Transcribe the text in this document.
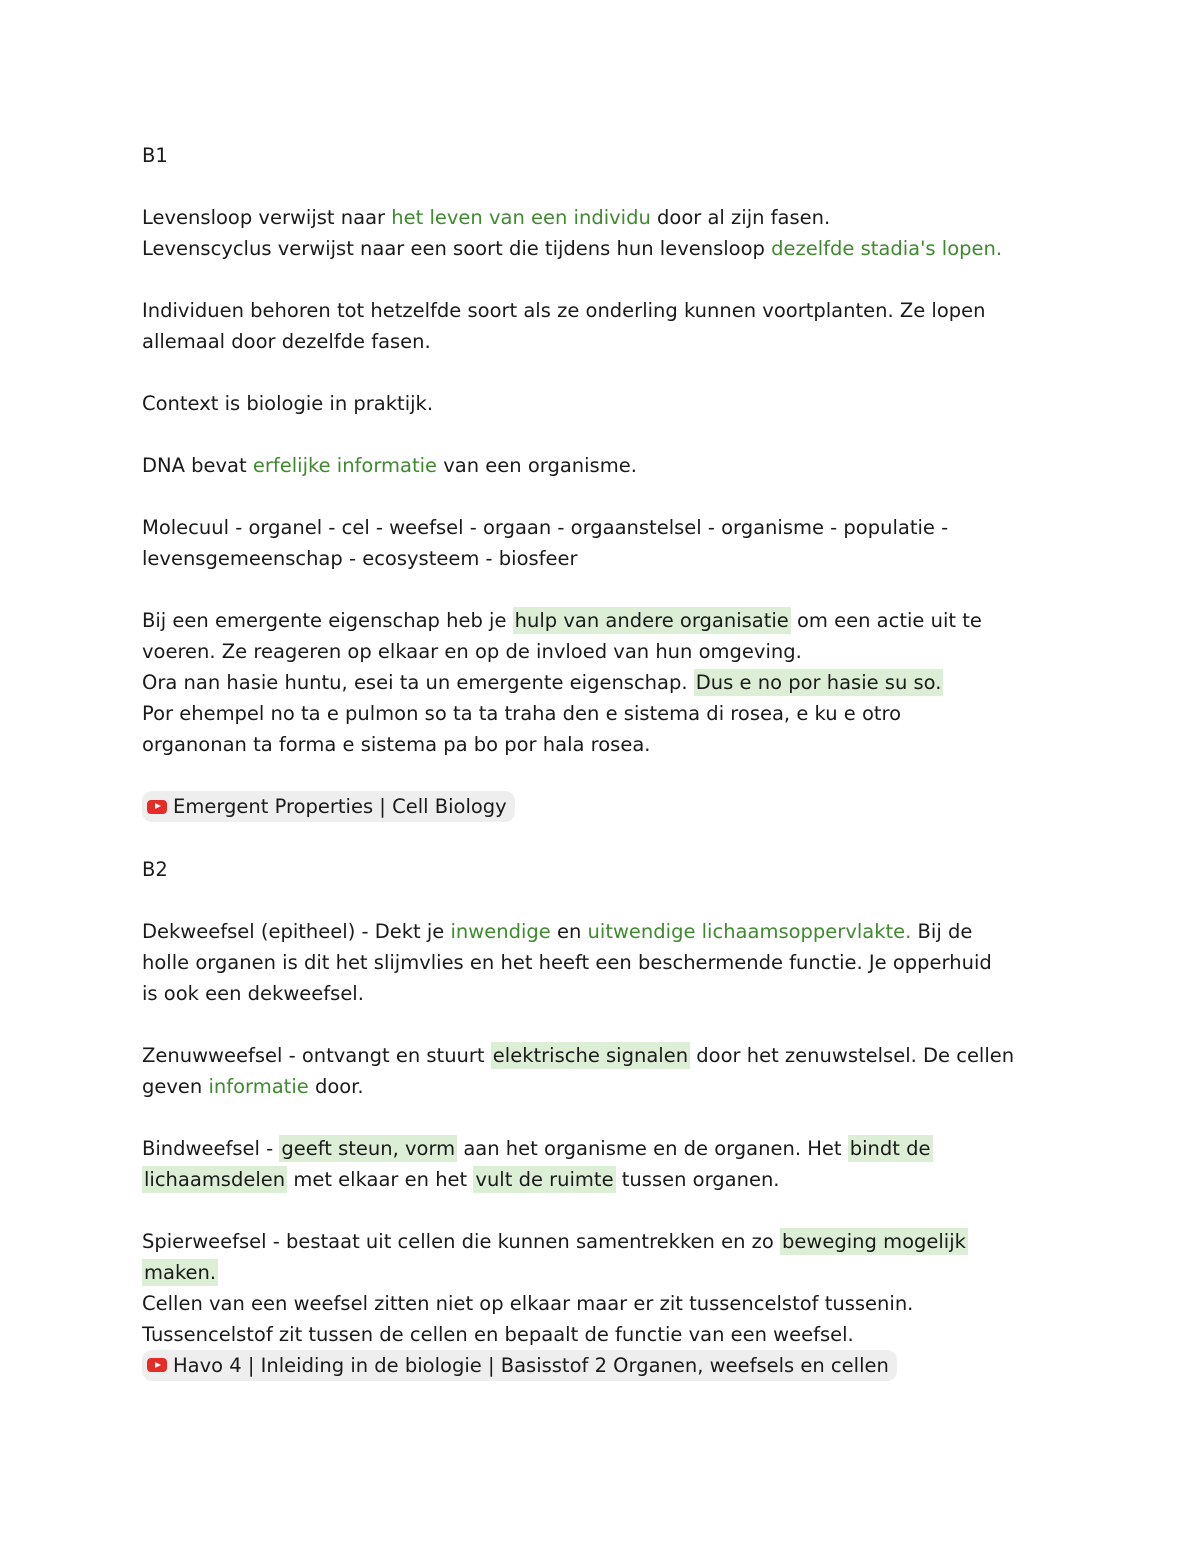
B1

Levensloop verwijst naar het leven van een individu door al zijn fasen.
Levenscyclus verwijst naar een soort die tijdens hun levensloop dezelfde stadia's lopen.
Individuen behoren tot hetzelfde soort als ze onderling kunnen voortplanten. Ze lopen
allemaal door dezelfde fasen.
Context is biologie in praktijk.
DNA bevat erfelijke informatie van een organisme.
Molecuul - organel - cel - weefsel - orgaan - orgaanstelsel - organisme - populatie -
levensgemeenschap - ecosysteem - biosfeer
Bij een emergente eigenschap heb je hulp van andere organisatie om een actie uit te
voeren. Ze reageren op elkaar en op de invloed van hun omgeving.
Ora nan hasie huntu, esei ta un emergente eigenschap. Dus e no por hasie su so.
Por ehempel no ta e pulmon so ta ta traha den e sistema di rosea, e ku e otro
organonan ta forma e sistema pa bo por hala rosea.
Emergent Properties | Cell Biology

B2

Dekweefsel (epitheel) - Dekt je inwendige en uitwendige lichaamsoppervlakte. Bij de
holle organen is dit het slijmvlies en het heeft een beschermende functie. Je opperhuid
is ook een dekweefsel.
Zenuwweefsel - ontvangt en stuurt elektrische signalen door het zenuwstelsel. De cellen
geven informatie door.
Bindweefsel - geeft steun, vorm aan het organisme en de organen. Het bindt de
lichaamsdelen met elkaar en het vult de ruimte tussen organen.
Spierweefsel - bestaat uit cellen die kunnen samentrekken en zo beweging mogelijk
maken.
Cellen van een weefsel zitten niet op elkaar maar er zit tussencelstof tussenin.
Tussencelstof zit tussen de cellen en bepaalt de functie van een weefsel.
Havo 4 | Inleiding in de biologie | Basisstof 2 Organen, weefsels en cellen
